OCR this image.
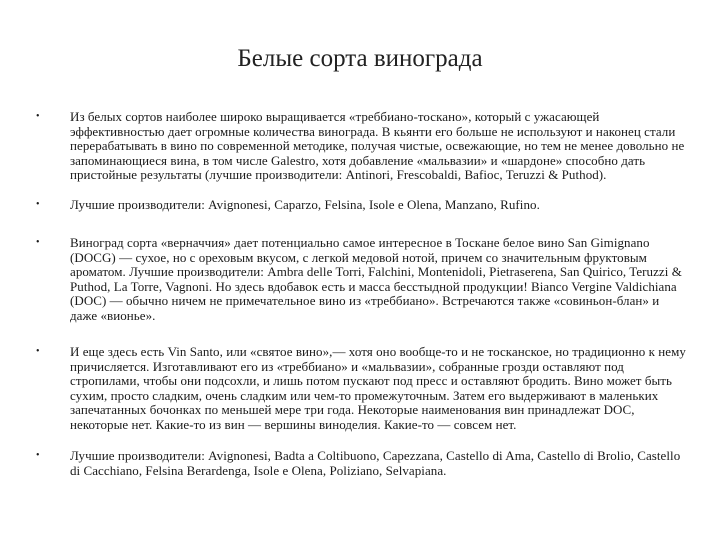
Белые сорта винограда
•	Из белых сортов наиболее широко выращивается «треббиано-тоскано», который с ужасающей эффективностью дает огромные количества винограда. В кьянти его больше не используют и наконец стали перерабатывать в вино по современной методике, получая чистые, освежающие, но тем не менее довольно не запоминающиеся вина, в том числе Galestro, хотя добавление «мальвазии» и «шардоне» способно дать пристойные результаты (лучшие производители: Antinori, Frescobaldi, Bafioc, Teruzzi & Puthod).
•	Лучшие производители: Avignonesi, Caparzo, Felsina, Isole e Olena, Manzano, Rufino.
•	Виноград сорта «верначчия» дает потенциально самое интересное в Тоскане белое вино San Gimignano (DOCG) — сухое, но с ореховым вкусом, с легкой медовой нотой, причем со значительным фруктовым ароматом. Лучшие производители: Ambra delle Torri, Falchini, Montenidoli, Pietraserena, San Quirico, Teruzzi & Puthod, La Torre, Vagnoni. Но здесь вдобавок есть и масса бесстыдной продукции! Bianco Vergine Valdichiana (DOC) — обычно ничем не примечательное вино из «треббиано». Встречаются также «совиньон-блан» и даже «вионье».
•	И еще здесь есть Vin Santo, или «святое вино»,— хотя оно вообще-то и не тосканское, но традиционно к нему причисляется. Изготавливают его из «треббиано» и «мальвазии», собранные грозди оставляют под стропилами, чтобы они подсохли, и лишь потом пускают под пресс и оставляют бродить. Вино может быть сухим, просто сладким, очень сладким или чем-то промежуточным. Затем его выдерживают в маленьких запечатанных бочонках по меньшей мере три года. Некоторые наименования вин принадлежат DOC, некоторые нет. Какие-то из вин — вершины виноделия. Какие-то — совсем нет.
•	Лучшие производители: Avignonesi, Badta a Coltibuono, Capezzana, Castello di Ama, Castello di Brolio, Castello di Cacchiano, Felsina Berardenga, Isole e Olena, Poliziano, Selvapiana.
